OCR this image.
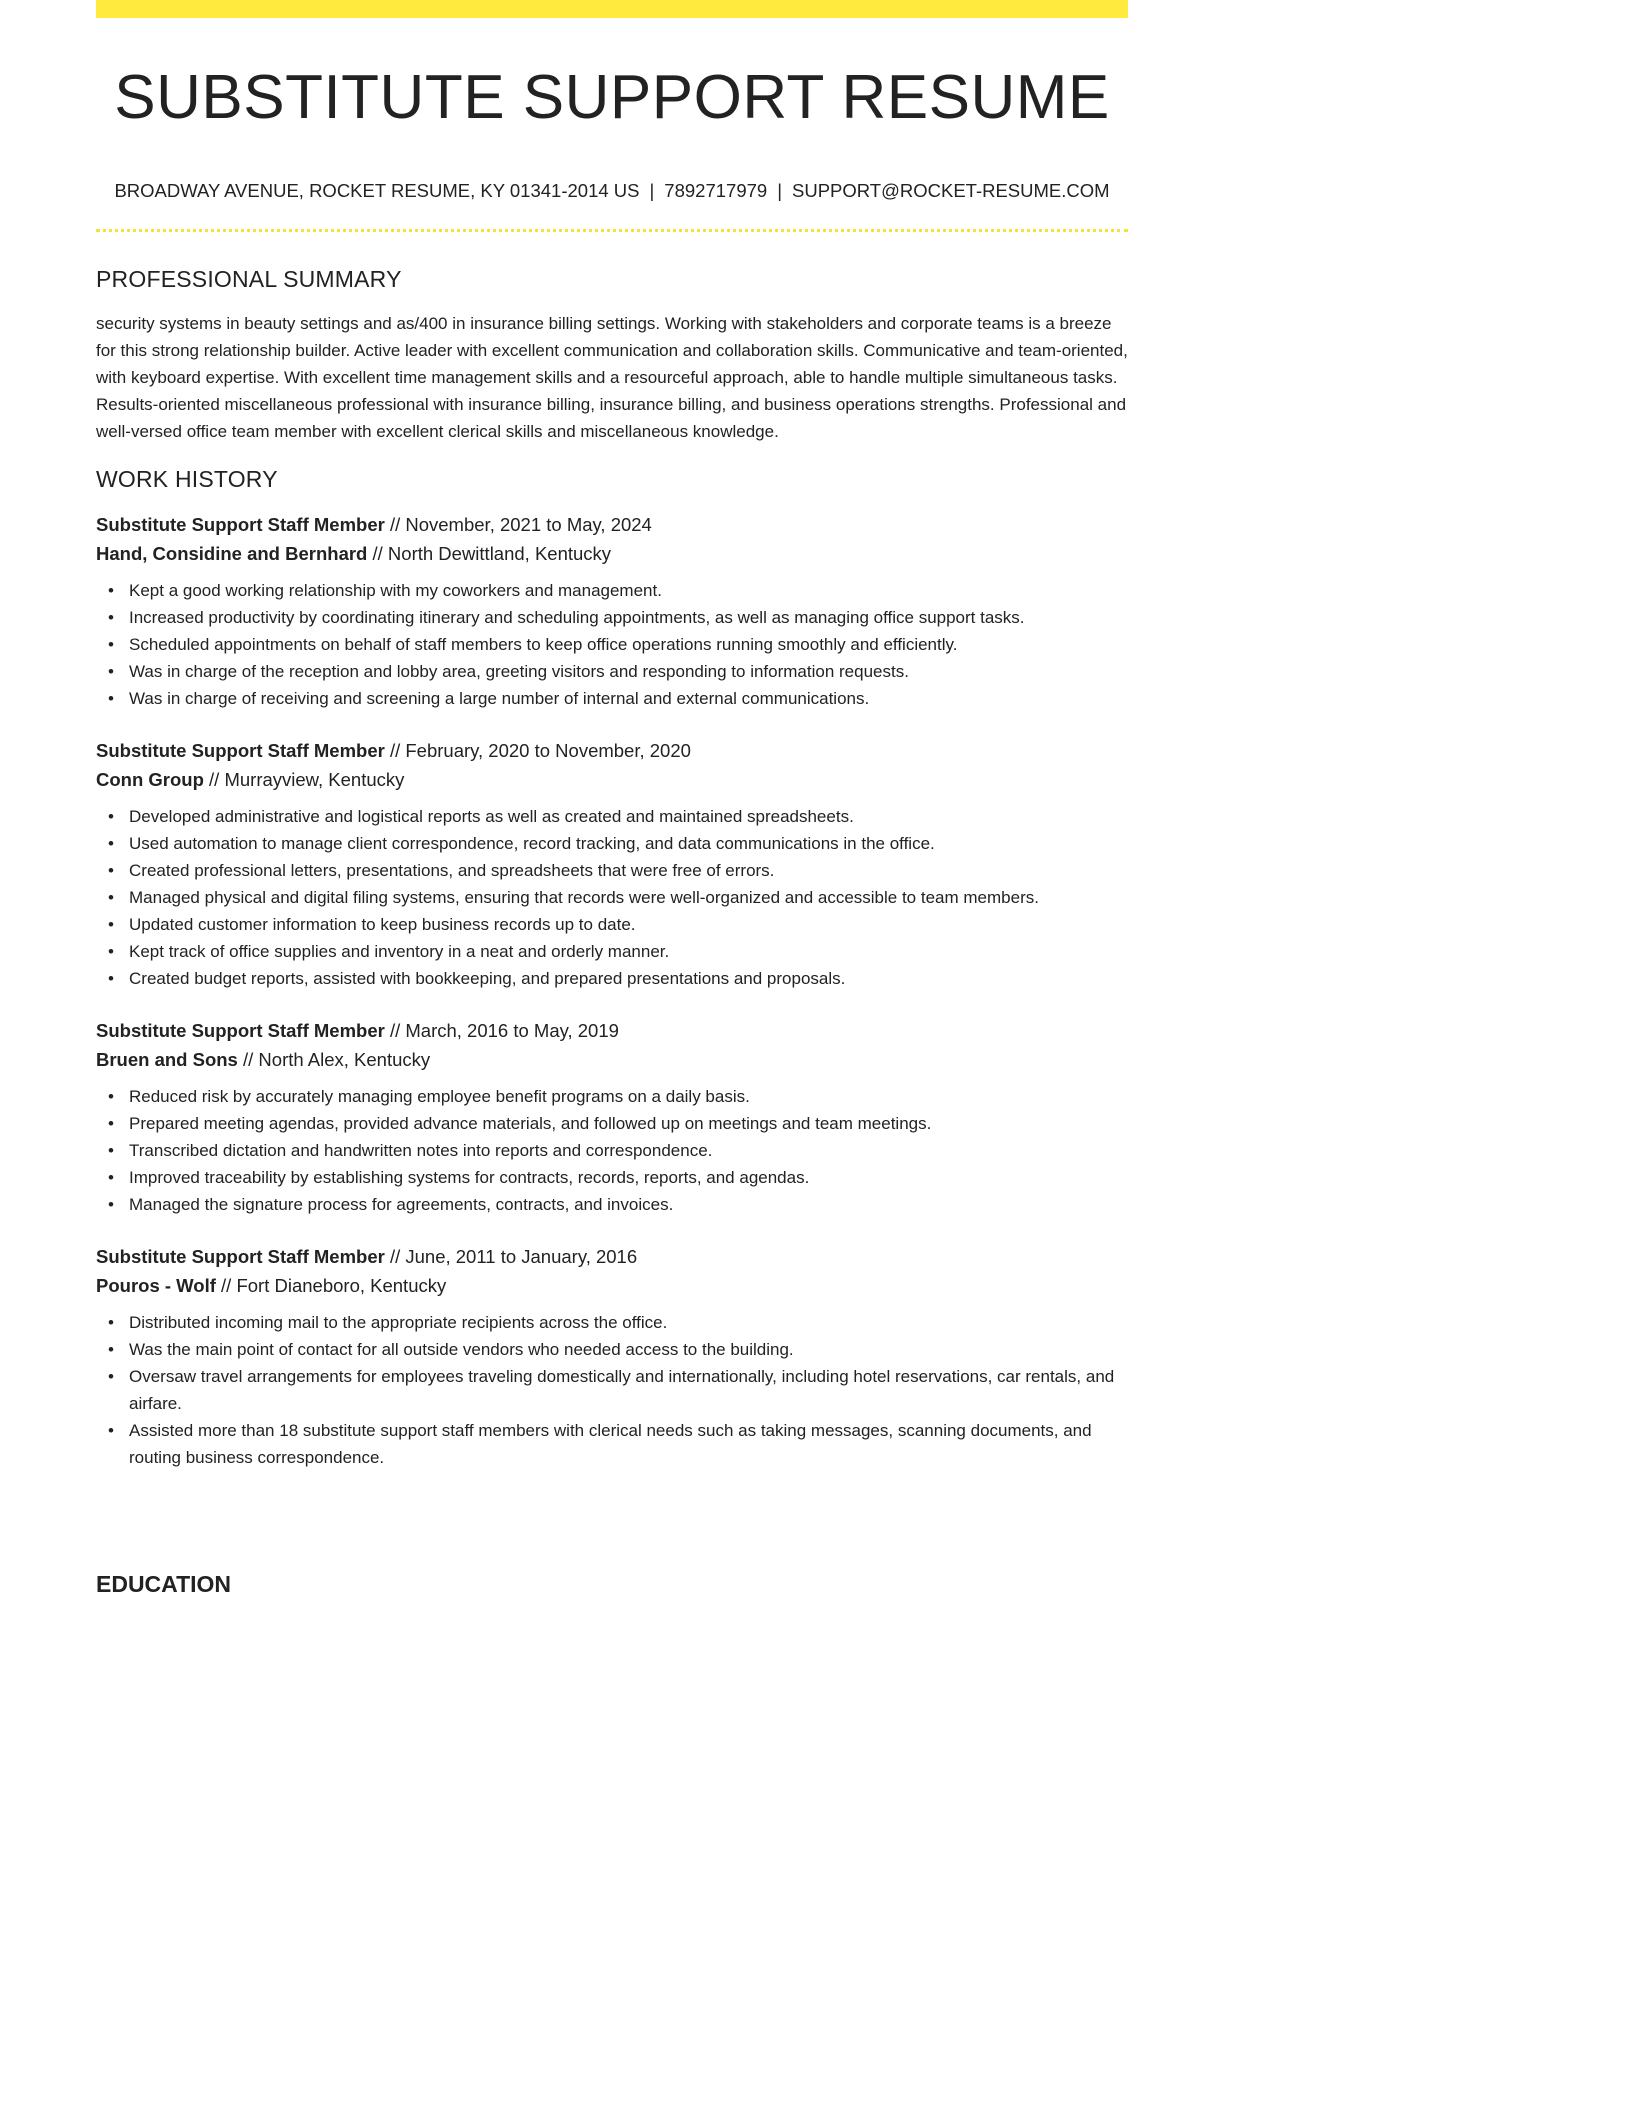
SUBSTITUTE SUPPORT RESUME
BROADWAY AVENUE, ROCKET RESUME, KY 01341-2014 US | 7892717979 | SUPPORT@ROCKET-RESUME.COM
PROFESSIONAL SUMMARY

security systems in beauty settings and as/400 in insurance billing settings. Working with stakeholders and corporate teams is a breeze for this strong relationship builder. Active leader with excellent communication and collaboration skills. Communicative and team-oriented, with keyboard expertise. With excellent time management skills and a resourceful approach, able to handle multiple simultaneous tasks. Results-oriented miscellaneous professional with insurance billing, insurance billing, and business operations strengths. Professional and well-versed office team member with excellent clerical skills and miscellaneous knowledge.

WORK HISTORY
Substitute Support Staff Member // November, 2021 to May, 2024
Hand, Considine and Bernhard // North Dewittland, Kentucky
• Kept a good working relationship with my coworkers and management.
• Increased productivity by coordinating itinerary and scheduling appointments, as well as managing office support tasks.
• Scheduled appointments on behalf of staff members to keep office operations running smoothly and efficiently.
• Was in charge of the reception and lobby area, greeting visitors and responding to information requests.
• Was in charge of receiving and screening a large number of internal and external communications.
Substitute Support Staff Member // February, 2020 to November, 2020
Conn Group // Murrayview, Kentucky
• Developed administrative and logistical reports as well as created and maintained spreadsheets.
• Used automation to manage client correspondence, record tracking, and data communications in the office.
• Created professional letters, presentations, and spreadsheets that were free of errors.
• Managed physical and digital filing systems, ensuring that records were well-organized and accessible to team members.
• Updated customer information to keep business records up to date.
• Kept track of office supplies and inventory in a neat and orderly manner.
• Created budget reports, assisted with bookkeeping, and prepared presentations and proposals.
Substitute Support Staff Member // March, 2016 to May, 2019
Bruen and Sons // North Alex, Kentucky
• Reduced risk by accurately managing employee benefit programs on a daily basis.
• Prepared meeting agendas, provided advance materials, and followed up on meetings and team meetings.
• Transcribed dictation and handwritten notes into reports and correspondence.
• Improved traceability by establishing systems for contracts, records, reports, and agendas.
• Managed the signature process for agreements, contracts, and invoices.
Substitute Support Staff Member // June, 2011 to January, 2016
Pouros - Wolf // Fort Dianeboro, Kentucky
• Distributed incoming mail to the appropriate recipients across the office.
• Was the main point of contact for all outside vendors who needed access to the building.
• Oversaw travel arrangements for employees traveling domestically and internationally, including hotel reservations, car rentals, and airfare.
• Assisted more than 18 substitute support staff members with clerical needs such as taking messages, scanning documents, and routing business correspondence.
EDUCATION
